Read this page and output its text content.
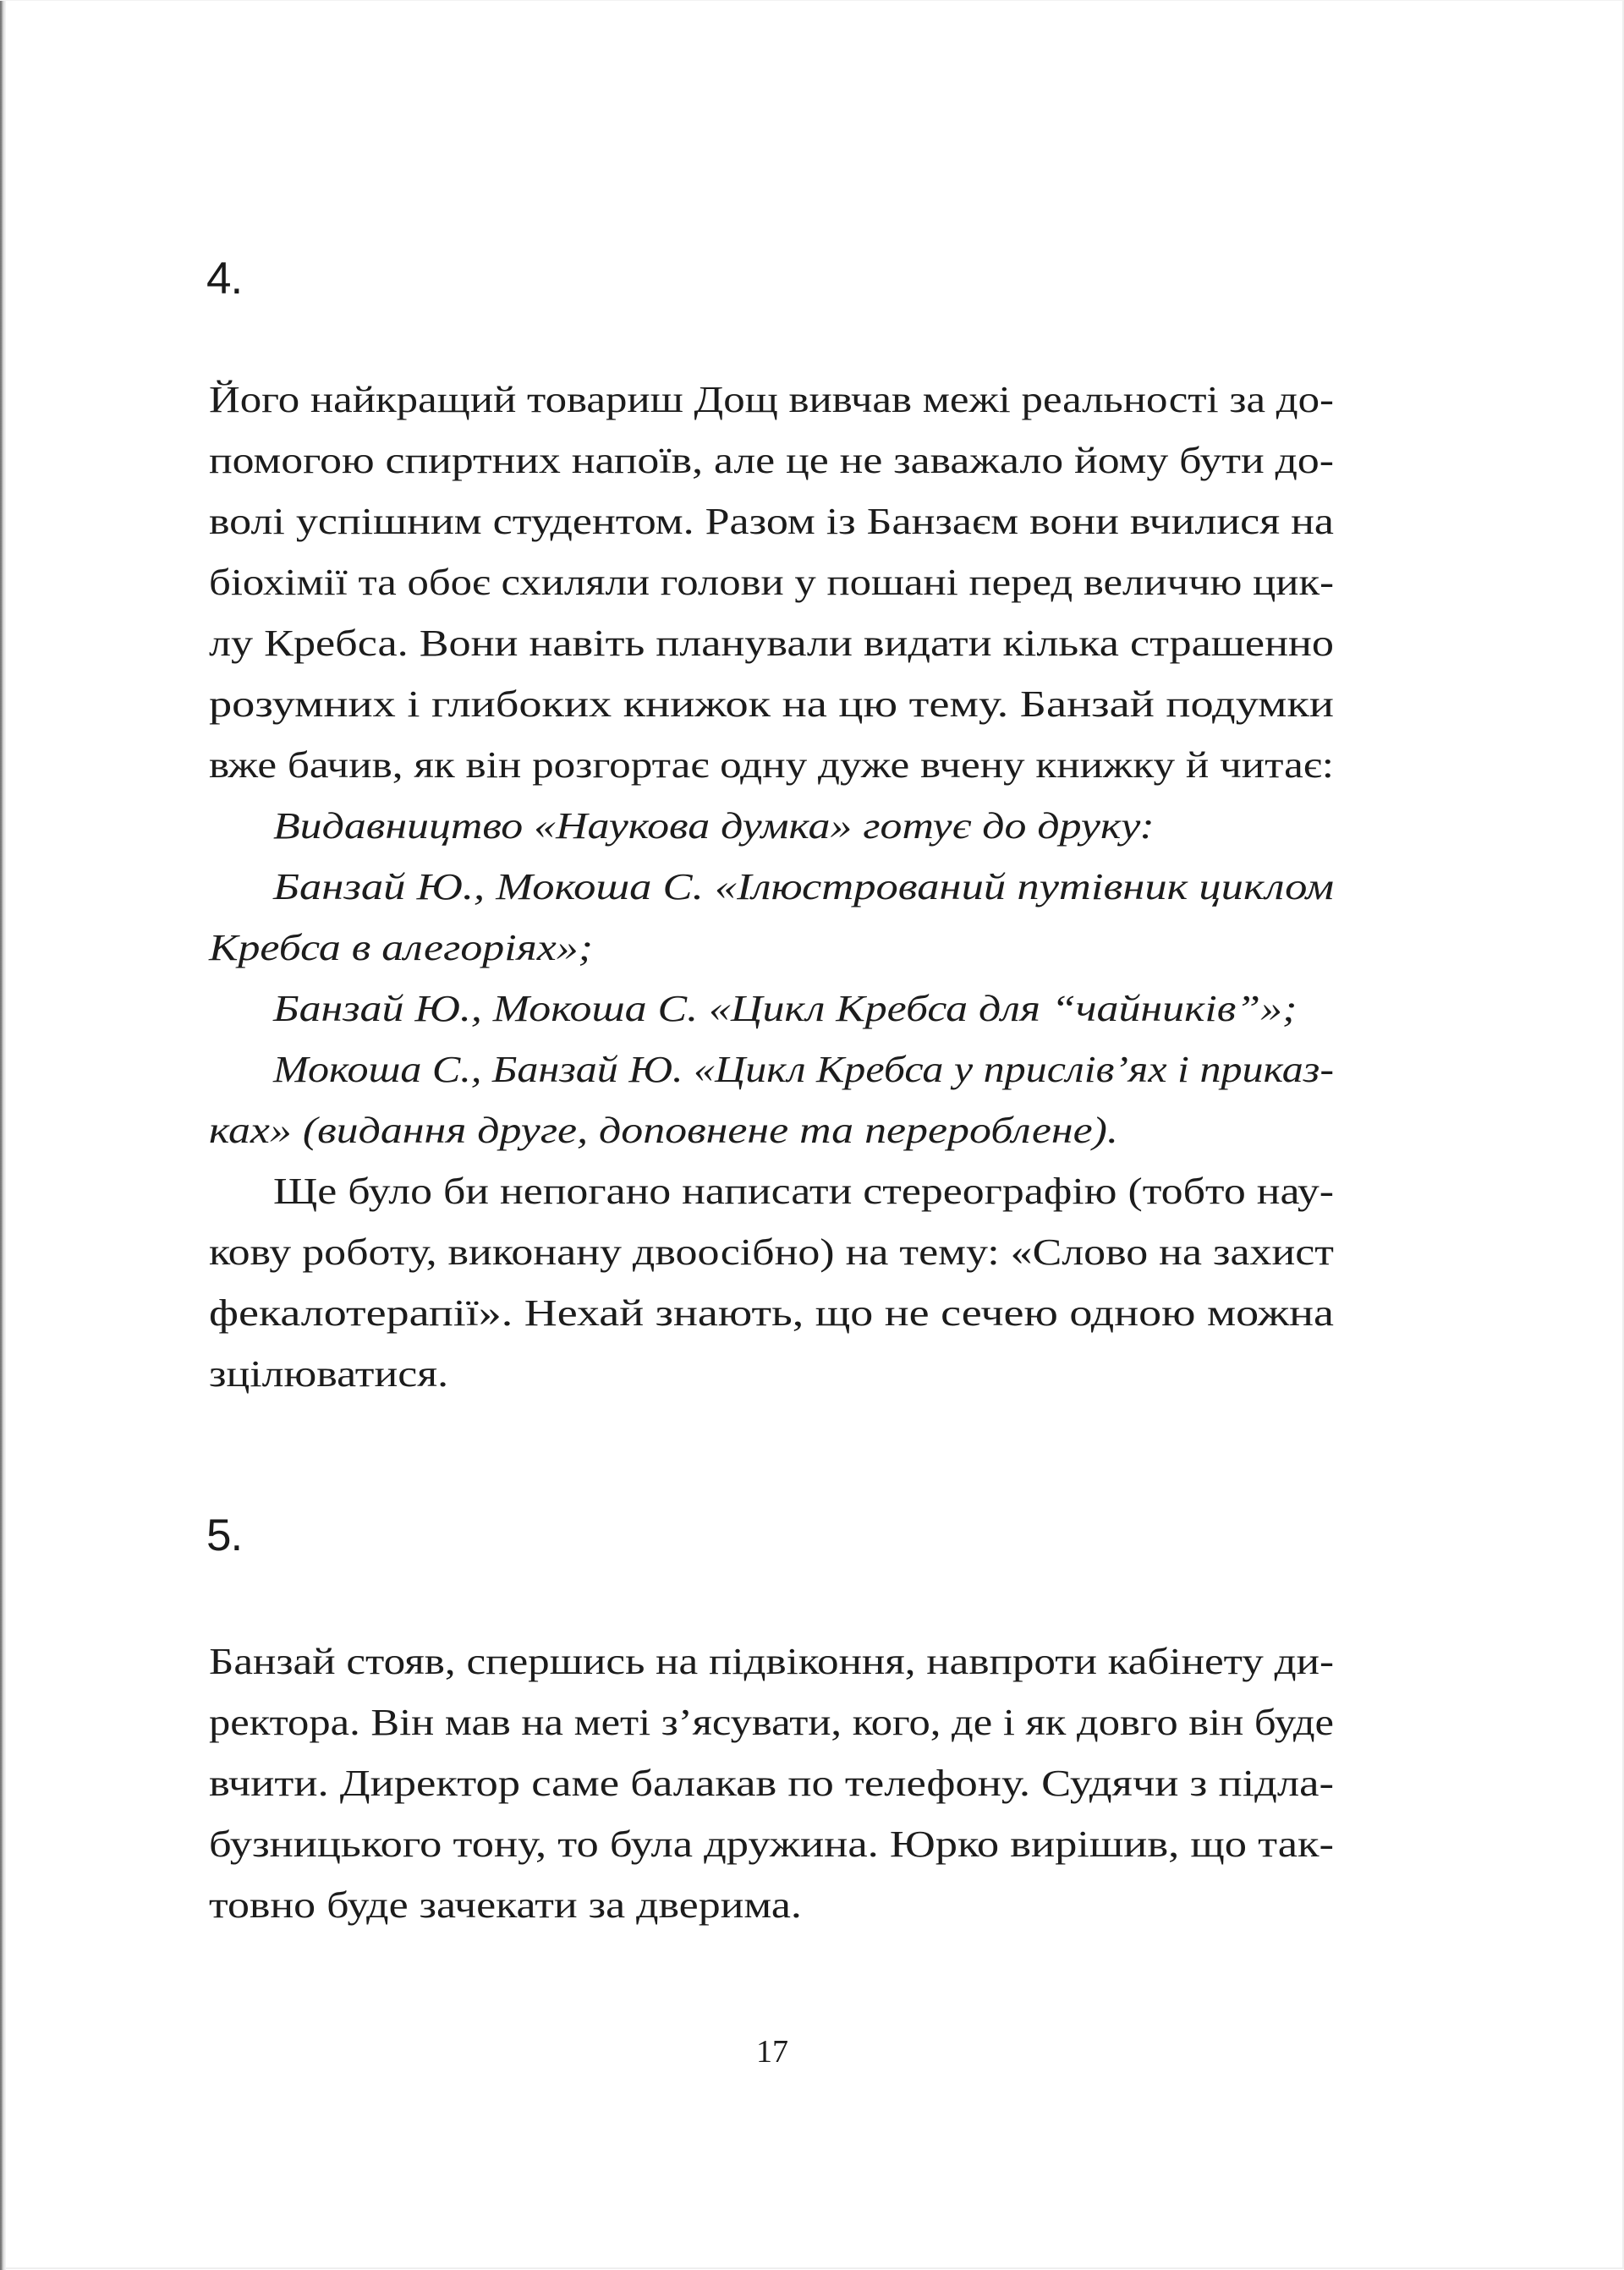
4.
Його найкращий товариш Дощ вивчав межі реальності за до-
помогою спиртних напоїв, але це не заважало йому бути до-
волі успішним студентом. Разом із Банзаєм вони вчилися на
біохімії та обоє схиляли голови у пошані перед величчю цик-
лу Кребса. Вони навіть планували видати кілька страшенно
розумних і глибоких книжок на цю тему. Банзай подумки
вже бачив, як він розгортає одну дуже вчену книжку й читає:
Видавництво «Наукова думка» готує до друку:
Банзай Ю., Мокоша С. «Ілюстрований путівник циклом
Кребса в алегоріях»;
Банзай Ю., Мокоша С. «Цикл Кребса для “чайників”»;
Мокоша С., Банзай Ю. «Цикл Кребса у прислів’ях і приказ-
ках» (видання друге, доповнене та перероблене).
Ще було би непогано написати стереографію (тобто нау-
кову роботу, виконану двоосібно) на тему: «Слово на захист
фекалотерапії». Нехай знають, що не сечею одною можна
зцілюватися.
5.
Банзай стояв, спершись на підвіконня, навпроти кабінету ди-
ректора. Він мав на меті з’ясувати, кого, де і як довго він буде
вчити. Директор саме балакав по телефону. Судячи з підла-
бузницького тону, то була дружина. Юрко вирішив, що так-
товно буде зачекати за дверима.
17
